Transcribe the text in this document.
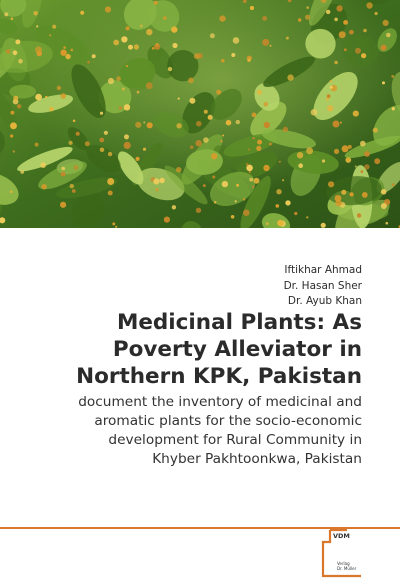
Iftikhar Ahmad
Dr. Hasan Sher
Dr. Ayub Khan
Medicinal Plants: As
Poverty Alleviator in
Northern KPK, Pakistan

document the inventory of medicinal and
aromatic plants for the socio-economic
development for Rural Community in
Khyber Pakhtoonkwa, Pakistan

VDM
Verlag
Dr. Müller
